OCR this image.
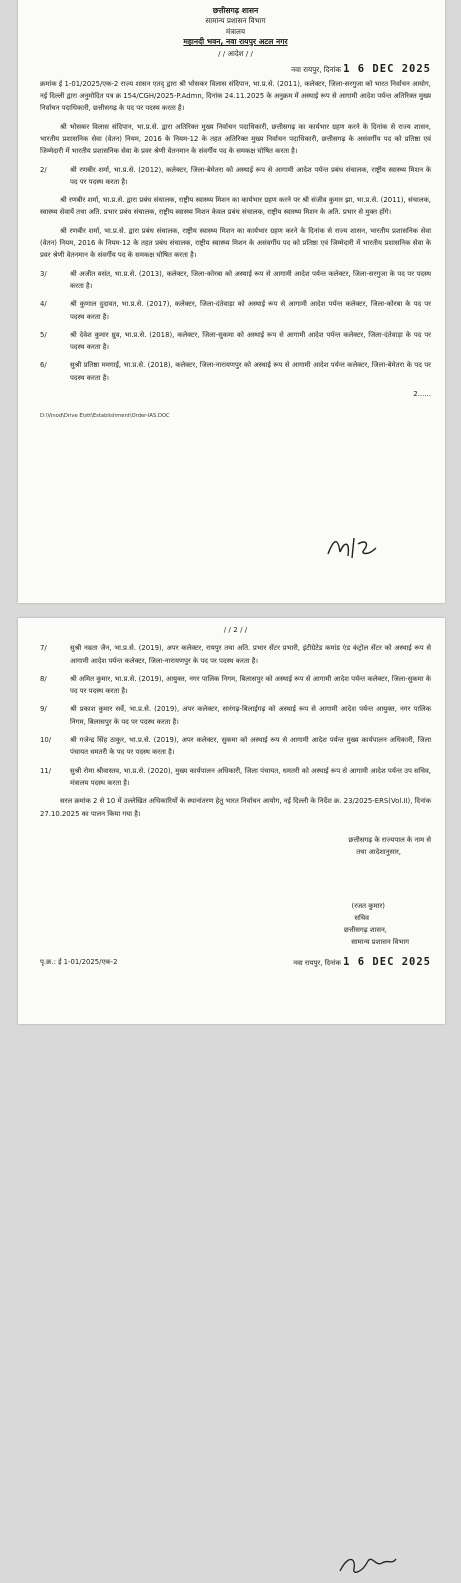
छत्तीसगढ़ शासन
सामान्य प्रशासन विभाग
मंत्रालय
महानदी भवन, नवा रायपुर अटल नगर
/ / आदेश / /
नवा रायपुर, दिनांक 1 6 DEC 2025
क्रमांक ई 1-01/2025/एक-2 राज्य शासन एतद् द्वारा श्री भोसकर विलास संदिपान, भा.प्र.से. (2011), कलेक्टर, जिला-सरगुजा को भारत निर्वाचन आयोग, नई दिल्ली द्वारा अनुमोदित पत्र क्र 154/CGH/2025-P.Admn, दिनांक 24.11.2025 के अनुक्रम में अस्थाई रूप से आगामी आदेश पर्यन्त अतिरिक्त मुख्य निर्वाचन पदाधिकारी, छत्तीसगढ़ के पद पर पदस्थ करता है।

श्री भोसकर विलास संदिपान, भा.प्र.से. द्वारा अतिरिक्त मुख्य निर्वाचन पदाधिकारी, छत्तीसगढ़ का कार्यभार ग्रहण करने के दिनांक से राज्य शासन, भारतीय प्रशासनिक सेवा (वेतन) नियम, 2016 के नियम-12 के तहत अतिरिक्त मुख्य निर्वाचन पदाधिकारी, छत्तीसगढ़ के असंवर्गीय पद को प्रतिष्ठा एवं जिम्मेदारी में भारतीय प्रशासनिक सेवा के प्रवर श्रेणी वेतनमान के संवर्गीय पद के समकक्ष घोषित करता है।

2/	श्री रणबीर शर्मा, भा.प्र.से. (2012), कलेक्टर, जिला-बेमेतरा को अस्थाई रूप से आगामी आदेश पर्यन्त प्रबंध संचालक, राष्ट्रीय स्वास्थ्य मिशन के पद पर पदस्थ करता है।
श्री रणबीर शर्मा, भा.प्र.से. द्वारा प्रबंध संचालक, राष्ट्रीय स्वास्थ्य मिशन का कार्यभार ग्रहण करने पर श्री संजीव कुमार झा, भा.प्र.से. (2011), संचालक, स्वास्थ्य सेवायें तथा अति. प्रभार प्रबंध संचालक, राष्ट्रीय स्वास्थ्य मिशन केवल प्रबंध संचालक, राष्ट्रीय स्वास्थ्य मिशन के अति. प्रभार से मुक्त होंगे।
श्री रणबीर शर्मा, भा.प्र.से. द्वारा प्रबंध संचालक, राष्ट्रीय स्वास्थ्य मिशन का कार्यभार ग्रहण करने के दिनांक से राज्य शासन, भारतीय प्रशासनिक सेवा (वेतन) नियम, 2016 के नियम-12 के तहत प्रबंध संचालक, राष्ट्रीय स्वास्थ्य मिशन के असंवर्गीय पद को प्रतिष्ठा एवं जिम्मेदारी में भारतीय प्रशासनिक सेवा के प्रवर श्रेणी वेतनमान के संवर्गीय पद के समकक्ष घोषित करता है।
3/	श्री अजीत वसंत, भा.प्र.से. (2013), कलेक्टर, जिला-कोरबा को अस्थाई रूप से आगामी आदेश पर्यन्त कलेक्टर, जिला-सरगुजा के पद पर पदस्थ करता है।
4/	श्री कुणाल दुदावत, भा.प्र.से. (2017), कलेक्टर, जिला-दंतेवाड़ा को अस्थाई रूप से आगामी आदेश पर्यन्त कलेक्टर, जिला-कोरबा के पद पर पदस्थ करता है।
5/	श्री देवेश कुमार ध्रुव, भा.प्र.से. (2018), कलेक्टर, जिला-सुकमा को अस्थाई रूप से आगामी आदेश पर्यन्त कलेक्टर, जिला-दंतेवाड़ा के पद पर पदस्थ करता है।
6/	सुश्री प्रतिष्ठा ममगाईं, भा.प्र.से. (2018), कलेक्टर, जिला-नारायणपुर को अस्थाई रूप से आगामी आदेश पर्यन्त कलेक्टर, जिला-बेमेतरा के पद पर पदस्थ करता है।
2......
D:\Vinod\Drive E\stt\Establishment\Order-IAS.DOC
/ / 2 / /
7/	सुश्री नम्रता जैन, भा.प्र.से. (2019), अपर कलेक्टर, रायपुर तथा अति. प्रभार सेंटर प्रभारी, इंटीग्रेटेड कमांड एंड कंट्रोल सेंटर को अस्थाई रूप से आगामी आदेश पर्यन्त कलेक्टर, जिला-नारायणपुर के पद पर पदस्थ करता है।
8/	श्री अमित कुमार, भा.प्र.से. (2019), आयुक्त, नगर पालिक निगम, बिलासपुर को अस्थाई रूप से आगामी आदेश पर्यन्त कलेक्टर, जिला-सुकमा के पद पर पदस्थ करता है।
9/	श्री प्रकाश कुमार सर्वे, भा.प्र.से. (2019), अपर कलेक्टर, सारंगढ़-बिलाईगढ़ को अस्थाई रूप से आगामी आदेश पर्यन्त आयुक्त, नगर पालिक निगम, बिलासपुर के पद पर पदस्थ करता है।
10/	श्री गजेन्द्र सिंह ठाकुर, भा.प्र.से. (2019), अपर कलेक्टर, सुकमा को अस्थाई रूप से आगामी आदेश पर्यन्त मुख्य कार्यपालन अधिकारी, जिला पंचायत धमतरी के पद पर पदस्थ करता है।
11/	सुश्री रोमा श्रीवास्तव, भा.प्र.से. (2020), मुख्य कार्यपालन अधिकारी, जिला पंचायत, धमतरी को अस्थाई रूप से आगामी आदेश पर्यन्त उप सचिव, मंत्रालय पदस्थ करता है।

सरल क्रमांक 2 से 10 में उल्लेखित अधिकारियों के स्थानांतरण हेतु भारत निर्वाचन आयोग, नई दिल्ली के निर्देश क्र. 23/2025-ERS(Vol.II), दिनांक 27.10.2025 का पालन किया गया है।

छत्तीसगढ़ के राज्यपाल के नाम से
तथा आदेशानुसार,
(रजत कुमार)
सचिव
छत्तीसगढ़ शासन,
सामान्य प्रशासन विभाग
पृ.क्र.: ई 1-01/2025/एक-2	नवा रायपुर, दिनांक 1 6 DEC 2025
